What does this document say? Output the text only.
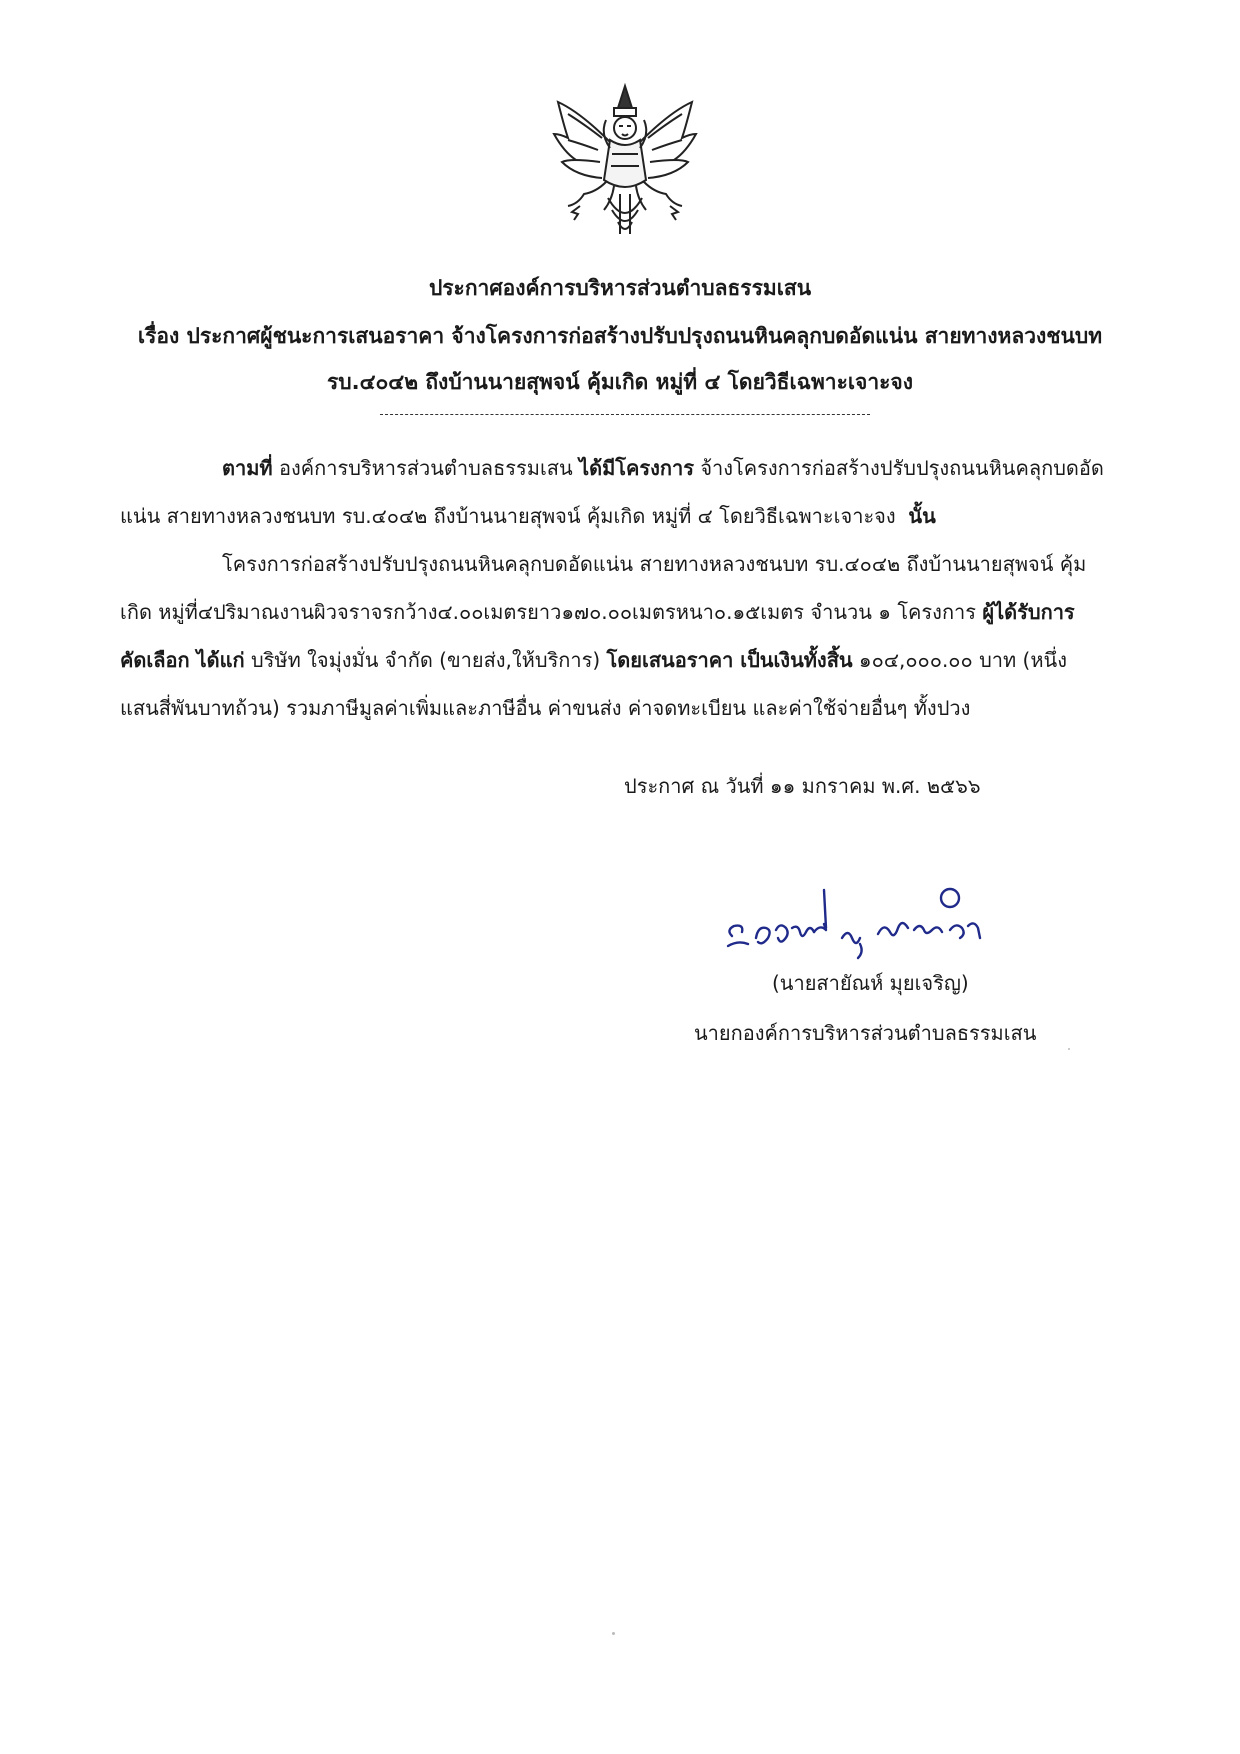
ประกาศองค์การบริหารส่วนตำบลธรรมเสน
เรื่อง ประกาศผู้ชนะการเสนอราคา จ้างโครงการก่อสร้างปรับปรุงถนนหินคลุกบดอัดแน่น สายทางหลวงชนบท
รบ.๔๐๔๒ ถึงบ้านนายสุพจน์ คุ้มเกิด หมู่ที่ ๔ โดยวิธีเฉพาะเจาะจง
ตามที่ องค์การบริหารส่วนตำบลธรรมเสน ได้มีโครงการ จ้างโครงการก่อสร้างปรับปรุงถนนหินคลุกบดอัด
แน่น สายทางหลวงชนบท รบ.๔๐๔๒ ถึงบ้านนายสุพจน์ คุ้มเกิด หมู่ที่ ๔ โดยวิธีเฉพาะเจาะจง นั้น
โครงการก่อสร้างปรับปรุงถนนหินคลุกบดอัดแน่น สายทางหลวงชนบท รบ.๔๐๔๒ ถึงบ้านนายสุพจน์ คุ้ม
เกิด หมู่ที่๔ปริมาณงานผิวจราจรกว้าง๔.๐๐เมตรยาว๑๗๐.๐๐เมตรหนา๐.๑๕เมตร จำนวน ๑ โครงการ ผู้ได้รับการ
คัดเลือก ได้แก่ บริษัท ใจมุ่งมั่น จำกัด (ขายส่ง,ให้บริการ) โดยเสนอราคา เป็นเงินทั้งสิ้น ๑๐๔,๐๐๐.๐๐ บาท (หนึ่ง
แสนสี่พันบาทถ้วน) รวมภาษีมูลค่าเพิ่มและภาษีอื่น ค่าขนส่ง ค่าจดทะเบียน และค่าใช้จ่ายอื่นๆ ทั้งปวง
ประกาศ ณ วันที่ ๑๑ มกราคม พ.ศ. ๒๕๖๖
(นายสายัณห์ มุยเจริญ)
นายกองค์การบริหารส่วนตำบลธรรมเสน
